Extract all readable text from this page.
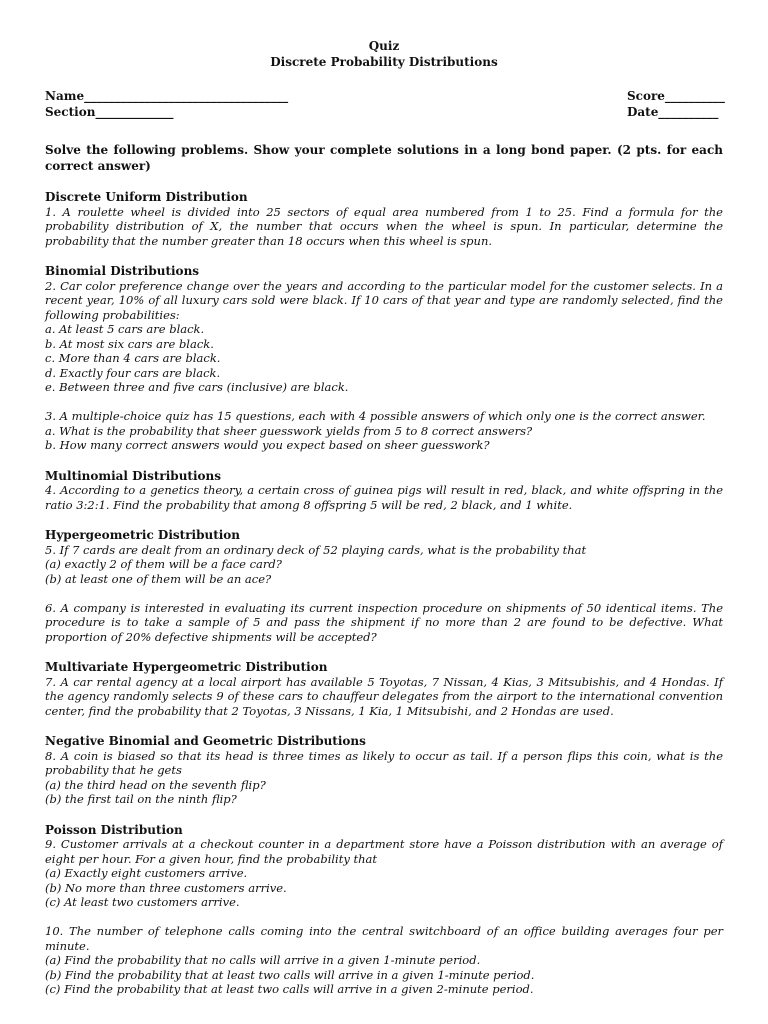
Quiz
Discrete Probability Distributions
Name__________________________________	Score__________
Section_____________	Date__________
Solve the following problems. Show your complete solutions in a long bond paper. (2 pts. for each correct answer)
Discrete Uniform Distribution
1. A roulette wheel is divided into 25 sectors of equal area numbered from 1 to 25. Find a formula for the probability distribution of X, the number that occurs when the wheel is spun. In particular, determine the probability that the number greater than 18 occurs when this wheel is spun.
Binomial Distributions
2. Car color preference change over the years and according to the particular model for the customer selects. In a recent year, 10% of all luxury cars sold were black. If 10 cars of that year and type are randomly selected, find the following probabilities:
a. At least 5 cars are black.
b. At most six cars are black.
c. More than 4 cars are black.
d. Exactly four cars are black.
e. Between three and five cars (inclusive) are black.
3. A multiple-choice quiz has 15 questions, each with 4 possible answers of which only one is the correct answer.
a. What is the probability that sheer guesswork yields from 5 to 8 correct answers?
b. How many correct answers would you expect based on sheer guesswork?
Multinomial Distributions
4. According to a genetics theory, a certain cross of guinea pigs will result in red, black, and white offspring in the ratio 3:2:1. Find the probability that among 8 offspring 5 will be red, 2 black, and 1 white.
Hypergeometric Distribution
5. If 7 cards are dealt from an ordinary deck of 52 playing cards, what is the probability that
(a) exactly 2 of them will be a face card?
(b) at least one of them will be an ace?
6. A company is interested in evaluating its current inspection procedure on shipments of 50 identical items. The procedure is to take a sample of 5 and pass the shipment if no more than 2 are found to be defective. What proportion of 20% defective shipments will be accepted?
Multivariate Hypergeometric Distribution
7. A car rental agency at a local airport has available 5 Toyotas, 7 Nissan, 4 Kias, 3 Mitsubishis, and 4 Hondas. If the agency randomly selects 9 of these cars to chauffeur delegates from the airport to the international convention center, find the probability that 2 Toyotas, 3 Nissans, 1 Kia, 1 Mitsubishi, and 2 Hondas are used.
Negative Binomial and Geometric Distributions
8. A coin is biased so that its head is three times as likely to occur as tail. If a person flips this coin, what is the probability that he gets
(a) the third head on the seventh flip?
(b) the first tail on the ninth flip?
Poisson Distribution
9. Customer arrivals at a checkout counter in a department store have a Poisson distribution with an average of eight per hour. For a given hour, find the probability that
(a) Exactly eight customers arrive.
(b) No more than three customers arrive.
(c) At least two customers arrive.
10. The number of telephone calls coming into the central switchboard of an office building averages four per minute.
(a) Find the probability that no calls will arrive in a given 1-minute period.
(b) Find the probability that at least two calls will arrive in a given 1-minute period.
(c) Find the probability that at least two calls will arrive in a given 2-minute period.
